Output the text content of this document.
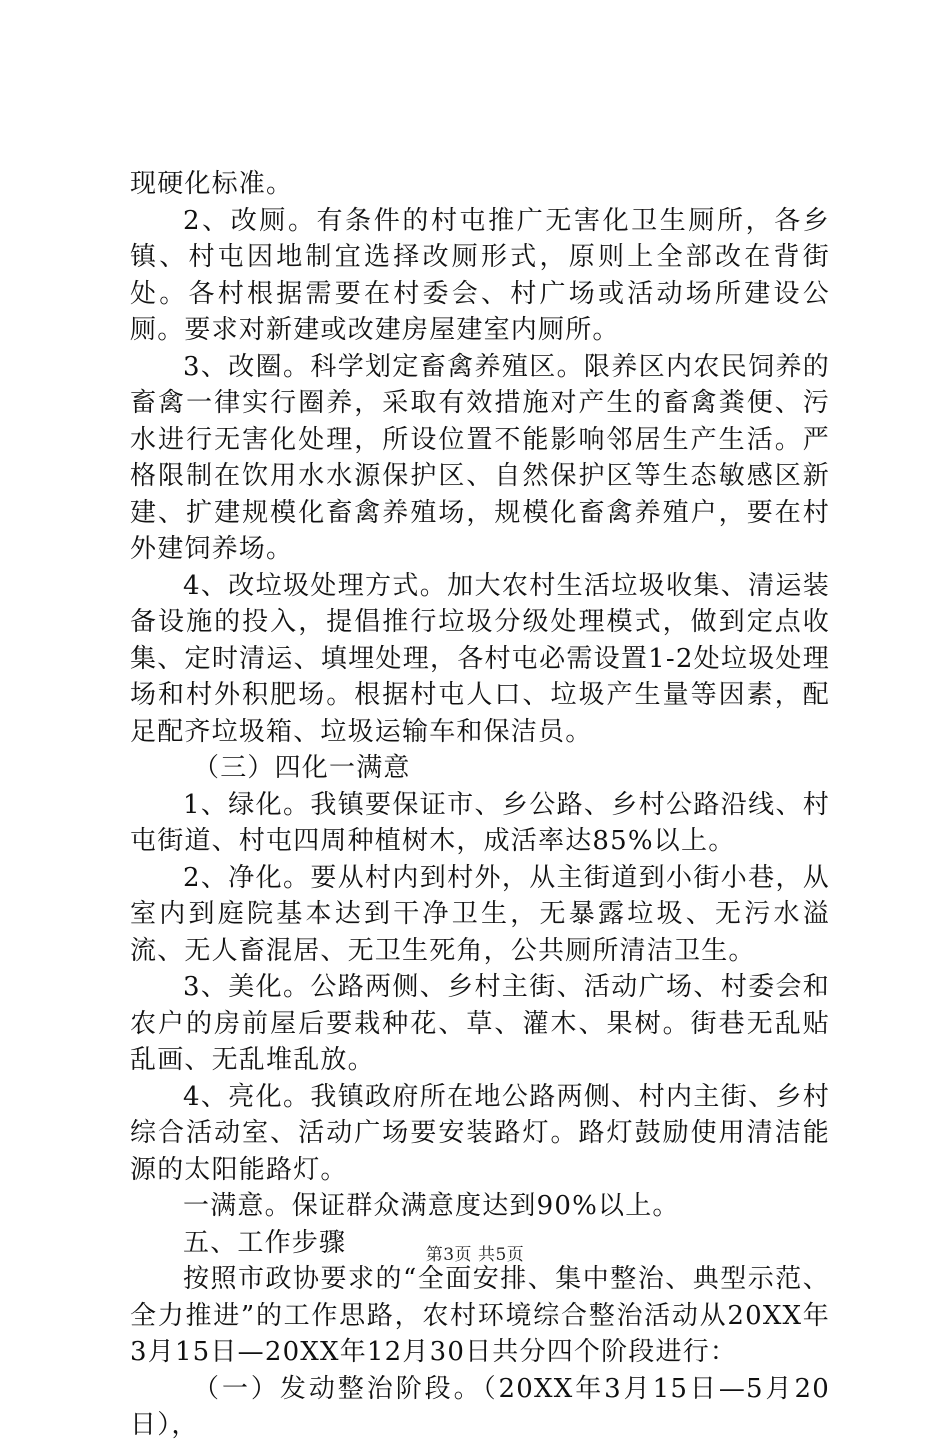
现硬化标准。

2、改厕。有条件的村屯推广无害化卫生厕所，各乡镇、村屯因地制宜选择改厕形式，原则上全部改在背街处。各村根据需要在村委会、村广场或活动场所建设公厕。要求对新建或改建房屋建室内厕所。

3、改圈。科学划定畜禽养殖区。限养区内农民饲养的畜禽一律实行圈养，采取有效措施对产生的畜禽粪便、污水进行无害化处理，所设位置不能影响邻居生产生活。严格限制在饮用水水源保护区、自然保护区等生态敏感区新建、扩建规模化畜禽养殖场，规模化畜禽养殖户，要在村外建饲养场。

4、改垃圾处理方式。加大农村生活垃圾收集、清运装备设施的投入，提倡推行垃圾分级处理模式，做到定点收集、定时清运、填埋处理，各村屯必需设置1-2处垃圾处理场和村外积肥场。根据村屯人口、垃圾产生量等因素，配足配齐垃圾箱、垃圾运输车和保洁员。

（三）四化一满意

1、绿化。我镇要保证市、乡公路、乡村公路沿线、村屯街道、村屯四周种植树木，成活率达85%以上。

2、净化。要从村内到村外，从主街道到小街小巷，从室内到庭院基本达到干净卫生，无暴露垃圾、无污水溢流、无人畜混居、无卫生死角，公共厕所清洁卫生。

3、美化。公路两侧、乡村主街、活动广场、村委会和农户的房前屋后要栽种花、草、灌木、果树。街巷无乱贴乱画、无乱堆乱放。

4、亮化。我镇政府所在地公路两侧、村内主街、乡村综合活动室、活动广场要安装路灯。路灯鼓励使用清洁能源的太阳能路灯。

一满意。保证群众满意度达到90%以上。

五、工作步骤

按照市政协要求的“全面安排、集中整治、典型示范、全力推进”的工作思路，农村环境综合整治活动从20XX年3月15日—20XX年12月30日共分四个阶段进行：

（一）发动整治阶段。（20XX年3月15日—5月20日），

第3页 共5页
